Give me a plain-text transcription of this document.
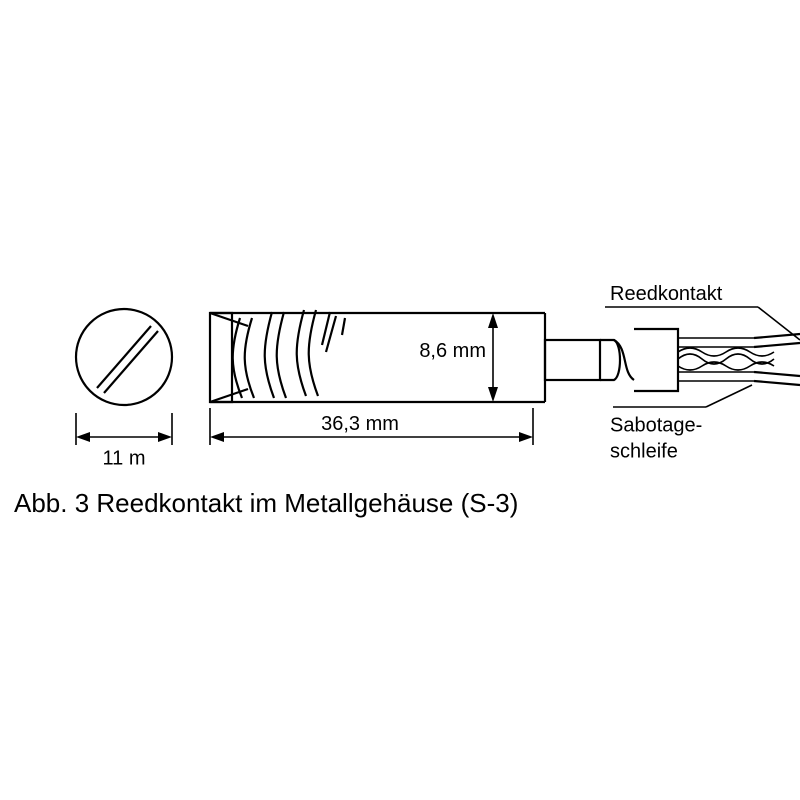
11 m
8,6 mm
36,3 mm
Reedkontakt
Sabotage-
schleife
Abb. 3 Reedkontakt im Metallgehäuse (S-3)
